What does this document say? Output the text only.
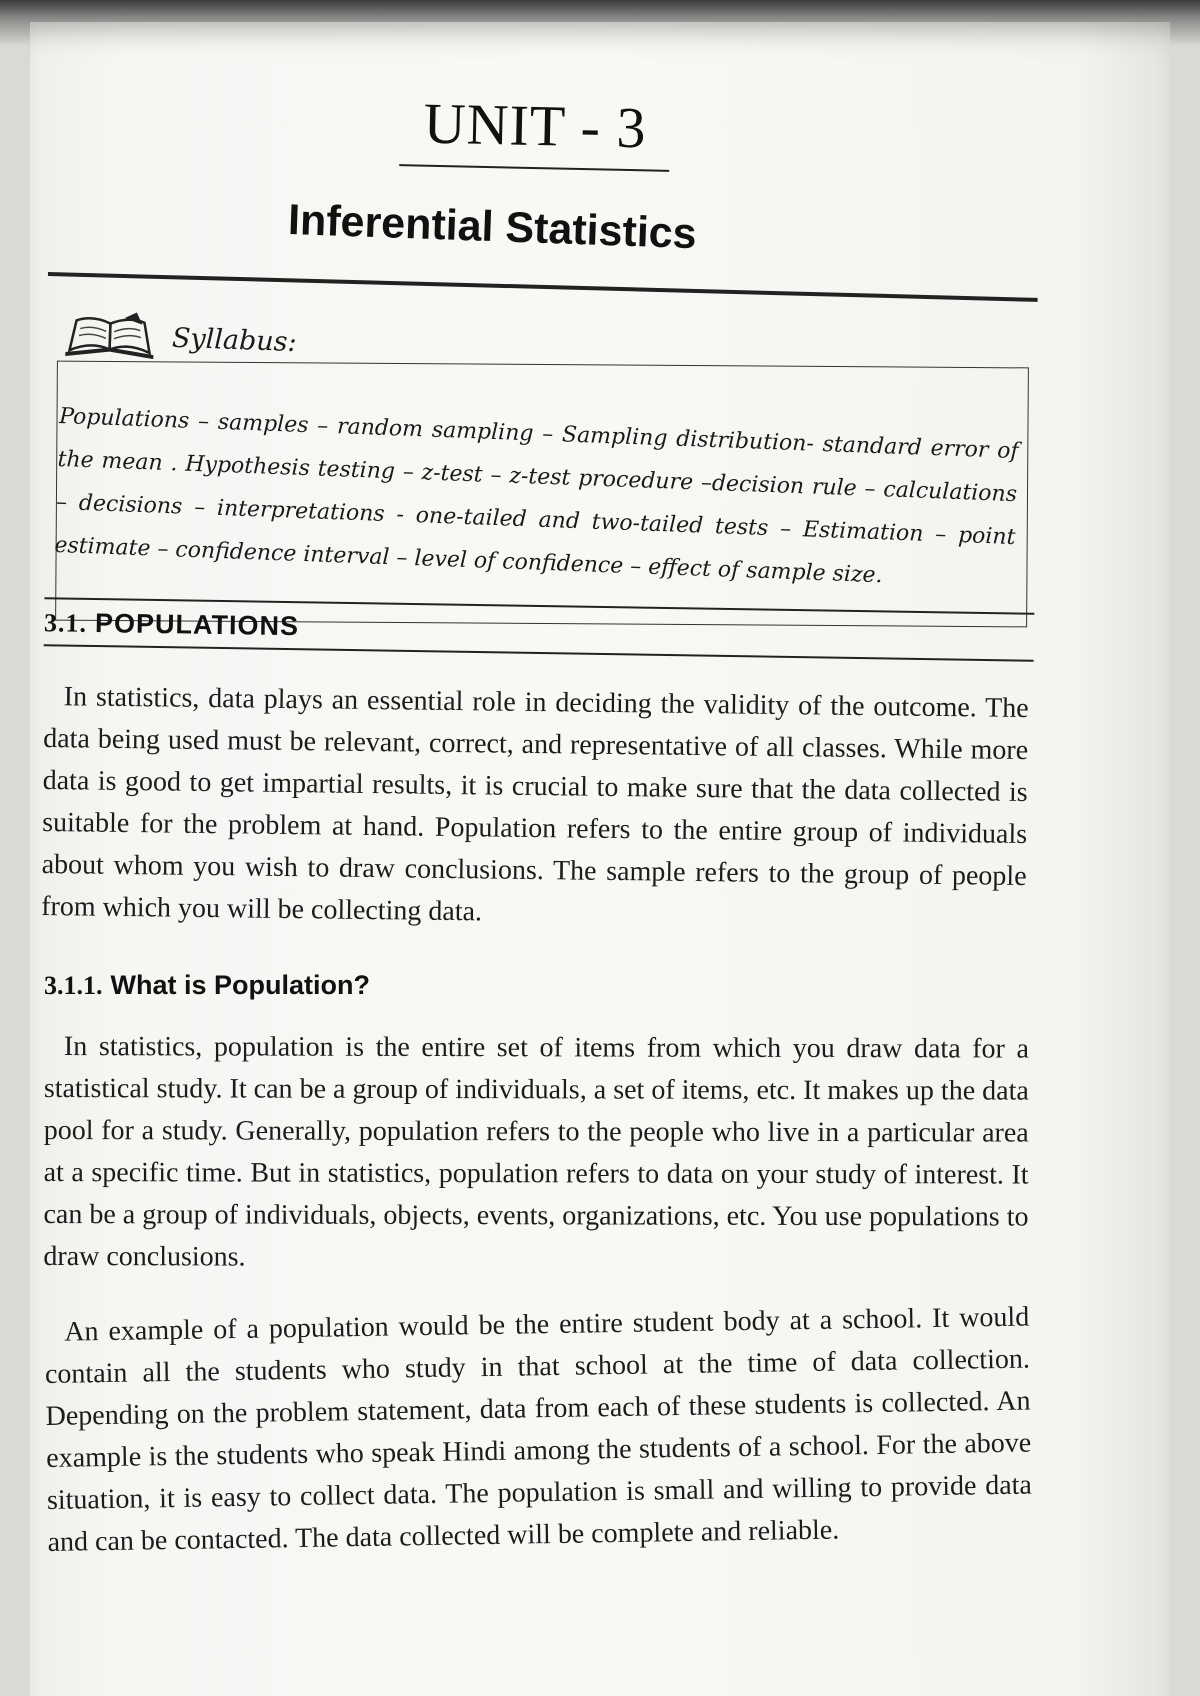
UNIT - 3
Inferential Statistics
Syllabus:
Populations – samples – random sampling – Sampling distribution- standard error of the mean . Hypothesis testing – z-test – z-test procedure –decision rule – calculations – decisions – interpretations - one-tailed and two-tailed tests – Estimation – point estimate – confidence interval – level of confidence – effect of sample size.
3.1. POPULATIONS

In statistics, data plays an essential role in deciding the validity of the outcome. The data being used must be relevant, correct, and representative of all classes. While more data is good to get impartial results, it is crucial to make sure that the data collected is suitable for the problem at hand. Population refers to the entire group of individuals about whom you wish to draw conclusions. The sample refers to the group of people from which you will be collecting data.

3.1.1. What is Population?

In statistics, population is the entire set of items from which you draw data for a statistical study. It can be a group of individuals, a set of items, etc. It makes up the data pool for a study. Generally, population refers to the people who live in a particular area at a specific time. But in statistics, population refers to data on your study of interest. It can be a group of individuals, objects, events, organizations, etc. You use populations to draw conclusions.

An example of a population would be the entire student body at a school. It would contain all the students who study in that school at the time of data collection. Depending on the problem statement, data from each of these students is collected. An example is the students who speak Hindi among the students of a school. For the above situation, it is easy to collect data. The population is small and willing to provide data and can be contacted. The data collected will be complete and reliable.
